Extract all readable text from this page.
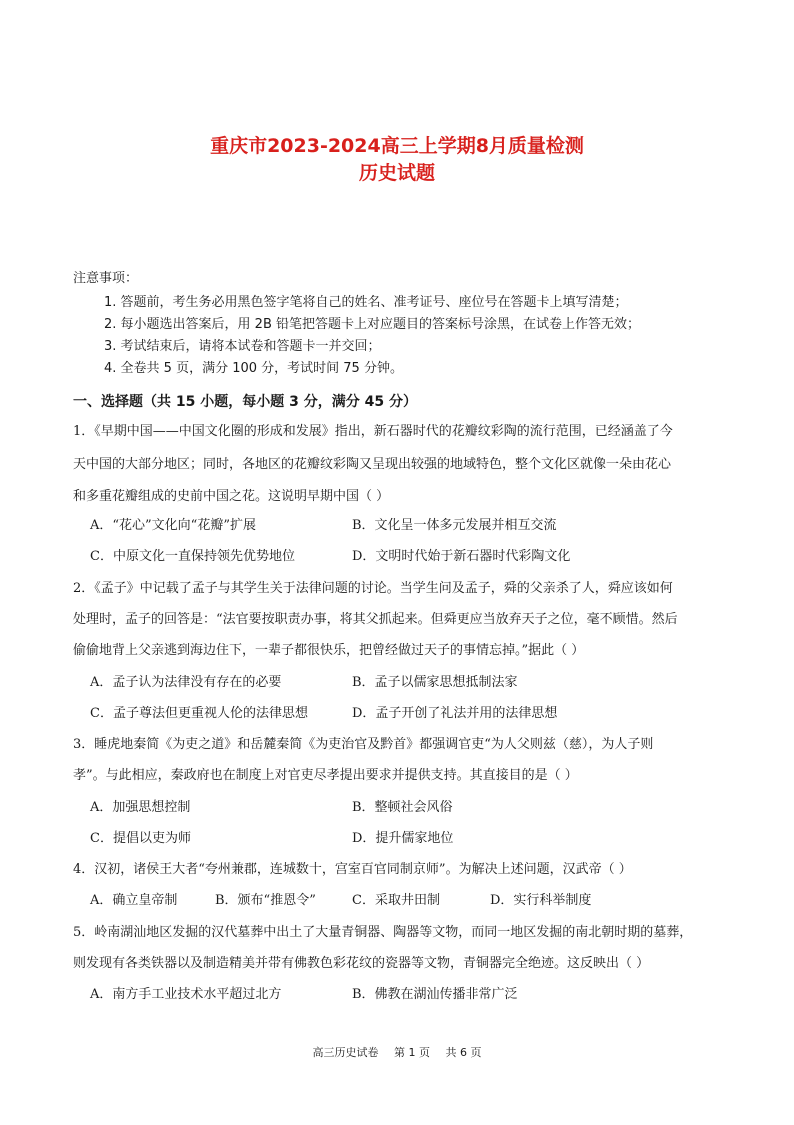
重庆市2023-2024高三上学期8月质量检测
历史试题
注意事项：
1. 答题前，考生务必用黑色签字笔将自己的姓名、准考证号、座位号在答题卡上填写清楚；
2. 每小题选出答案后，用 2B 铅笔把答题卡上对应题目的答案标号涂黑，在试卷上作答无效；
3. 考试结束后，请将本试卷和答题卡一并交回；
4. 全卷共 5 页，满分 100 分，考试时间 75 分钟。
一、选择题（共 15 小题，每小题 3 分，满分 45 分）
1．《早期中国——中国文化圈的形成和发展》指出，新石器时代的花瓣纹彩陶的流行范围，已经涵盖了今
天中国的大部分地区；同时，各地区的花瓣纹彩陶又呈现出较强的地域特色，整个文化区就像一朵由花心
和多重花瓣组成的史前中国之花。这说明早期中国（ ）
A．“花心”文化向“花瓣”扩展	B．文化呈一体多元发展并相互交流
C．中原文化一直保持领先优势地位	D．文明时代始于新石器时代彩陶文化
2．《孟子》中记载了孟子与其学生关于法律问题的讨论。当学生问及孟子，舜的父亲杀了人，舜应该如何
处理时，孟子的回答是：“法官要按职责办事，将其父抓起来。但舜更应当放弃天子之位，毫不顾惜。然后
偷偷地背上父亲逃到海边住下，一辈子都很快乐，把曾经做过天子的事情忘掉。”据此（ ）
A．孟子认为法律没有存在的必要	B．孟子以儒家思想抵制法家
C．孟子尊法但更重视人伦的法律思想	D．孟子开创了礼法并用的法律思想
3．睡虎地秦简《为吏之道》和岳麓秦简《为吏治官及黔首》都强调官吏“为人父则兹（慈），为人子则
孝”。与此相应，秦政府也在制度上对官吏尽孝提出要求并提供支持。其直接目的是（ ）
A．加强思想控制	B．整顿社会风俗
C．提倡以吏为师	D．提升儒家地位
4．汉初，诸侯王大者“夸州兼郡，连城数十，宫室百官同制京师”。为解决上述问题，汉武帝（ ）
A．确立皇帝制	B．颁布“推恩令”	C．采取井田制	D．实行科举制度
5．岭南湖汕地区发掘的汉代墓葬中出土了大量青铜器、陶器等文物，而同一地区发掘的南北朝时期的墓葬，
则发现有各类铁器以及制造精美并带有佛教色彩花纹的瓷器等文物，青铜器完全绝迹。这反映出（ ）
A．南方手工业技术水平超过北方	B．佛教在湖汕传播非常广泛
高三历史试卷 第 1 页 共 6 页
